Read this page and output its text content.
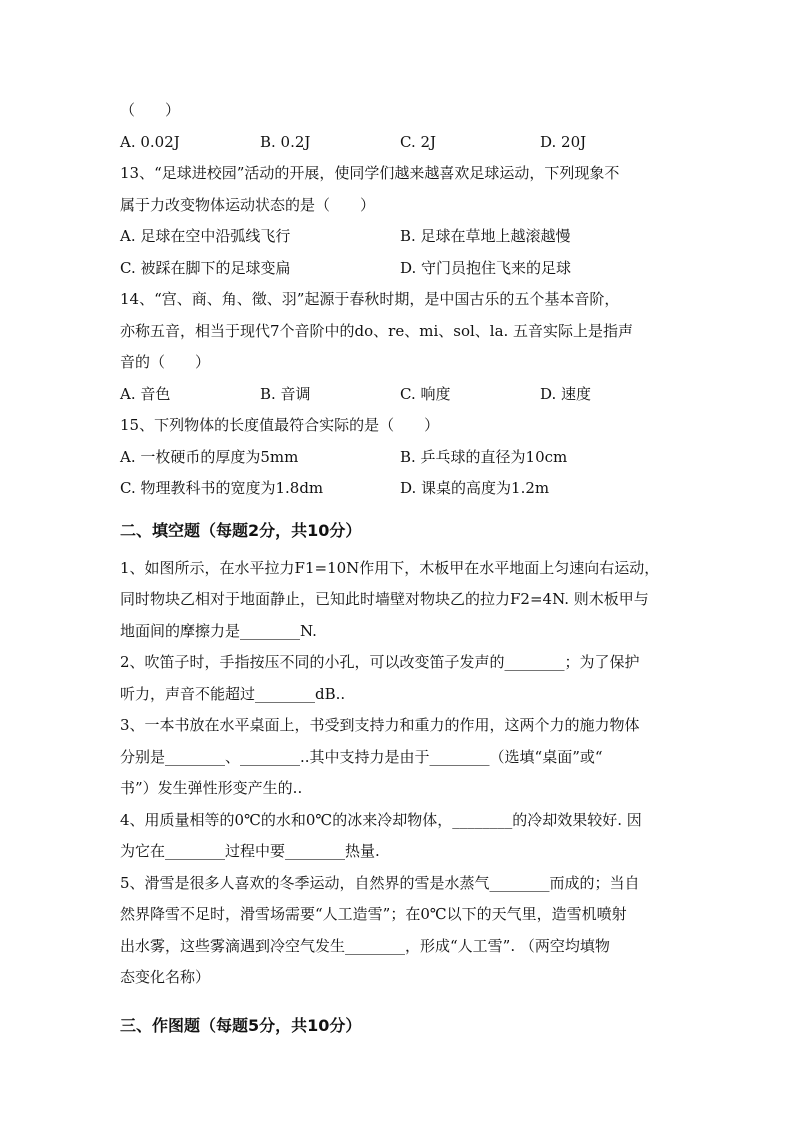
（　　）
A. 0.02J	B. 0.2J	C. 2J	D. 20J
13、“足球进校园”活动的开展，使同学们越来越喜欢足球运动，下列现象不
属于力改变物体运动状态的是（　　）
A. 足球在空中沿弧线飞行	B. 足球在草地上越滚越慢
C. 被踩在脚下的足球变扁	D. 守门员抱住飞来的足球
14、“宫、商、角、徵、羽”起源于春秋时期，是中国古乐的五个基本音阶，
亦称五音，相当于现代7个音阶中的do、re、mi、sol、la. 五音实际上是指声
音的（　　）
A. 音色	B. 音调	C. 响度	D. 速度
15、下列物体的长度值最符合实际的是（　　）
A. 一枚硬币的厚度为5mm	B. 乒乓球的直径为10cm
C. 物理教科书的宽度为1.8dm	D. 课桌的高度为1.2m
二、填空题（每题2分，共10分）
1、如图所示，在水平拉力F1=10N作用下，木板甲在水平地面上匀速向右运动，
同时物块乙相对于地面静止，已知此时墙壁对物块乙的拉力F2=4N. 则木板甲与
地面间的摩擦力是________N.
2、吹笛子时，手指按压不同的小孔，可以改变笛子发声的________；为了保护
听力，声音不能超过________dB..
3、一本书放在水平桌面上，书受到支持力和重力的作用，这两个力的施力物体
分别是________、________..其中支持力是由于________（选填“桌面”或“
书”）发生弹性形变产生的..
4、用质量相等的0℃的水和0℃的冰来冷却物体，________的冷却效果较好. 因
为它在________过程中要________热量.
5、滑雪是很多人喜欢的冬季运动，自然界的雪是水蒸气________而成的；当自
然界降雪不足时，滑雪场需要“人工造雪”；在0℃以下的天气里，造雪机喷射
出水雾，这些雾滴遇到冷空气发生________，形成“人工雪”. （两空均填物
态变化名称）
三、作图题（每题5分，共10分）
